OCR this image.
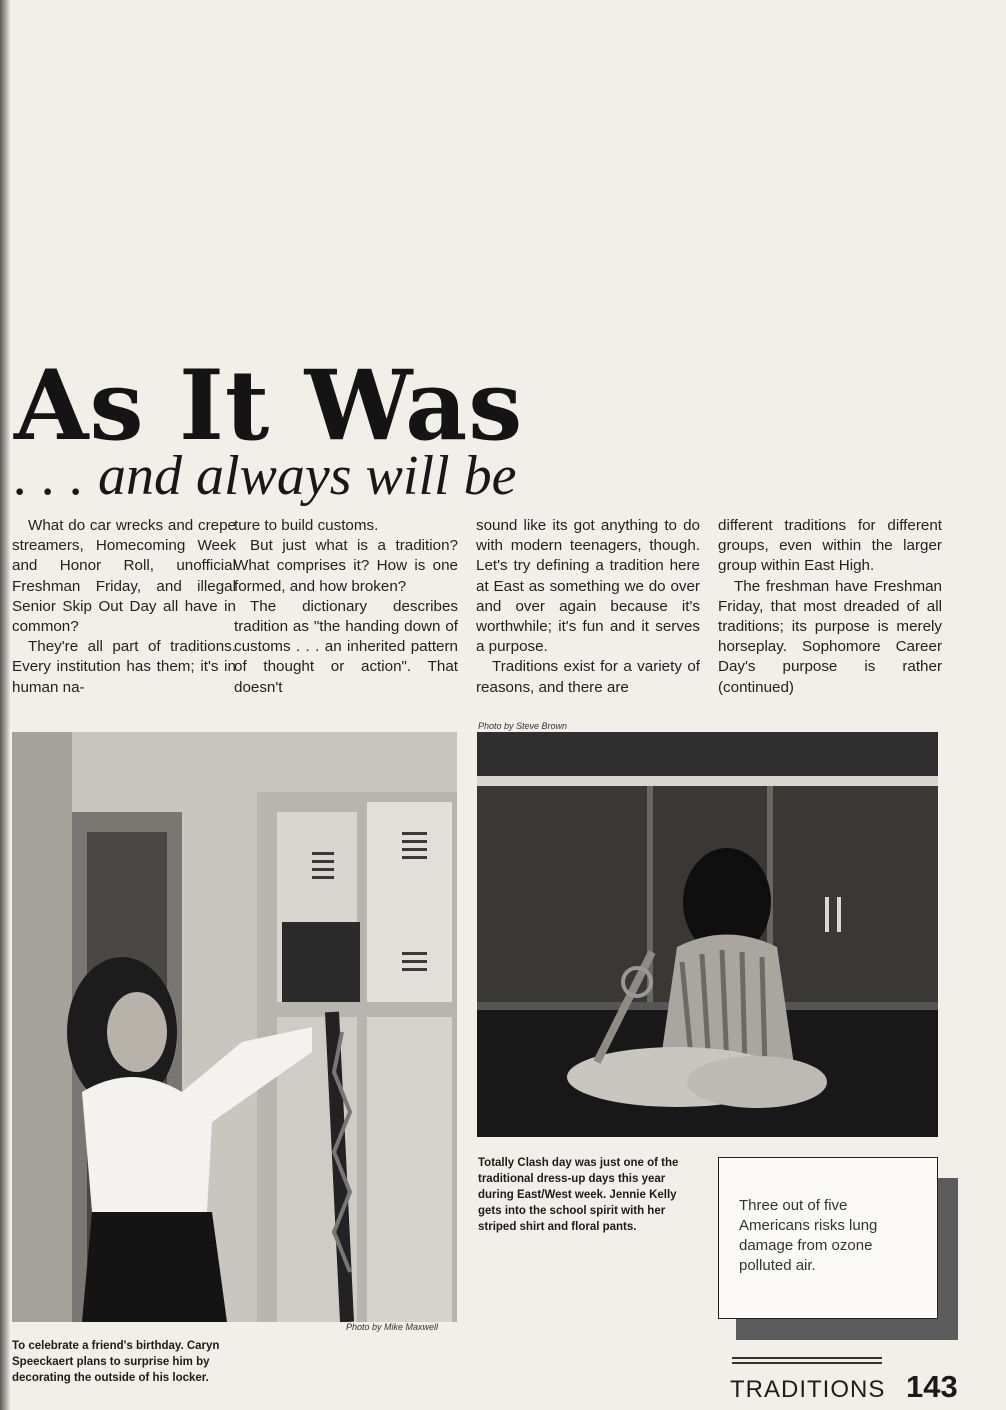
As It Was
. . . and always will be

What do car wrecks and crepe streamers, Homecoming Week and Honor Roll, unofficial Freshman Friday, and illegal Senior Skip Out Day all have in common?

They're all part of traditions. Every institution has them; it's in human na-

ture to build customs.

But just what is a tradition? What comprises it? How is one formed, and how broken?

The dictionary describes tradition as "the handing down of customs . . . an inherited pattern of thought or action". That doesn't

sound like its got anything to do with modern teenagers, though. Let's try defining a tradition here at East as something we do over and over again because it's worthwhile; it's fun and it serves a purpose.

Traditions exist for a variety of reasons, and there are

different traditions for different groups, even within the larger group within East High.

The freshman have Freshman Friday, that most dreaded of all traditions; its purpose is merely horseplay. Sophomore Career Day's purpose is rather (continued)

Photo by Steve Brown
Totally Clash day was just one of the traditional dress-up days this year during East/West week. Jennie Kelly gets into the school spirit with her striped shirt and floral pants.
Photo by Mike Maxwell
To celebrate a friend's birthday. Caryn Speeckaert plans to surprise him by decorating the outside of his locker.
Three out of five Americans risks lung damage from ozone polluted air.
TRADITIONS 143
